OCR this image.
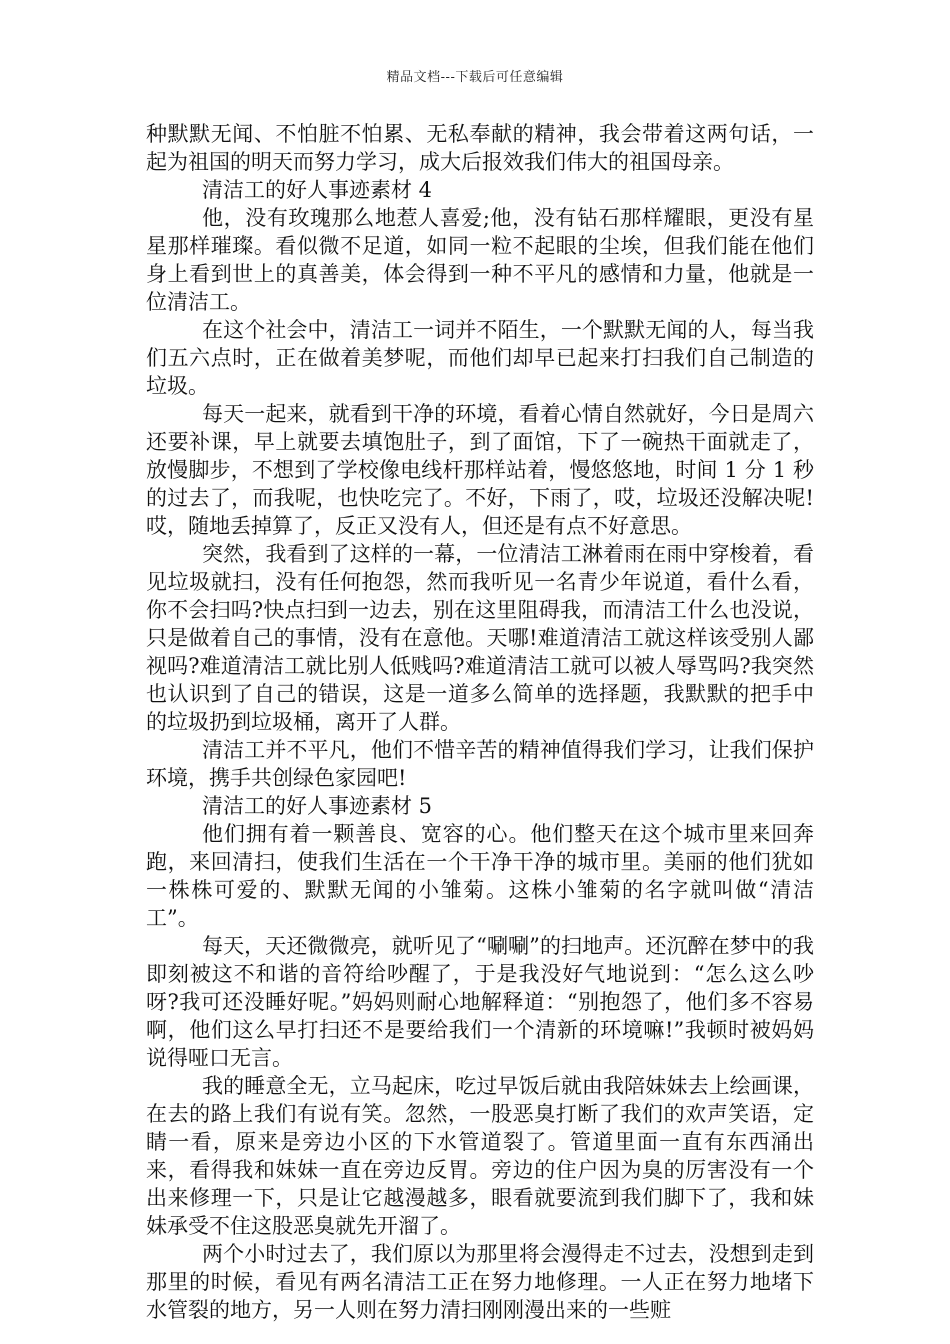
精品文档---下载后可任意编辑

种默默无闻、不怕脏不怕累、无私奉献的精神，我会带着这两句话，一起为祖国的明天而努力学习，成大后报效我们伟大的祖国母亲。

清洁工的好人事迹素材 4

他，没有玫瑰那么地惹人喜爱;他，没有钻石那样耀眼，更没有星星那样璀璨。看似微不足道，如同一粒不起眼的尘埃，但我们能在他们身上看到世上的真善美，体会得到一种不平凡的感情和力量，他就是一位清洁工。

在这个社会中，清洁工一词并不陌生，一个默默无闻的人，每当我们五六点时，正在做着美梦呢，而他们却早已起来打扫我们自己制造的垃圾。

每天一起来，就看到干净的环境，看着心情自然就好，今日是周六还要补课，早上就要去填饱肚子，到了面馆，下了一碗热干面就走了，放慢脚步，不想到了学校像电线杆那样站着，慢悠悠地，时间 1 分 1 秒的过去了，而我呢，也快吃完了。不好，下雨了，哎，垃圾还没解决呢!哎，随地丢掉算了，反正又没有人，但还是有点不好意思。

突然，我看到了这样的一幕，一位清洁工淋着雨在雨中穿梭着，看见垃圾就扫，没有任何抱怨，然而我听见一名青少年说道，看什么看，你不会扫吗?快点扫到一边去，别在这里阻碍我，而清洁工什么也没说，只是做着自己的事情，没有在意他。天哪!难道清洁工就这样该受别人鄙视吗?难道清洁工就比别人低贱吗?难道清洁工就可以被人辱骂吗?我突然也认识到了自己的错误，这是一道多么简单的选择题，我默默的把手中的垃圾扔到垃圾桶，离开了人群。

清洁工并不平凡，他们不惜辛苦的精神值得我们学习，让我们保护环境，携手共创绿色家园吧!

清洁工的好人事迹素材 5

他们拥有着一颗善良、宽容的心。他们整天在这个城市里来回奔跑，来回清扫，使我们生活在一个干净干净的城市里。美丽的他们犹如一株株可爱的、默默无闻的小雏菊。这株小雏菊的名字就叫做“清洁工”。

每天，天还微微亮，就听见了“唰唰”的扫地声。还沉醉在梦中的我即刻被这不和谐的音符给吵醒了，于是我没好气地说到：“怎么这么吵呀?我可还没睡好呢。”妈妈则耐心地解释道：“别抱怨了，他们多不容易啊，他们这么早打扫还不是要给我们一个清新的环境嘛!”我顿时被妈妈说得哑口无言。

我的睡意全无，立马起床，吃过早饭后就由我陪妹妹去上绘画课，在去的路上我们有说有笑。忽然，一股恶臭打断了我们的欢声笑语，定睛一看，原来是旁边小区的下水管道裂了。管道里面一直有东西涌出来，看得我和妹妹一直在旁边反胃。旁边的住户因为臭的厉害没有一个出来修理一下，只是让它越漫越多，眼看就要流到我们脚下了，我和妹妹承受不住这股恶臭就先开溜了。

两个小时过去了，我们原以为那里将会漫得走不过去，没想到走到那里的时候，看见有两名清洁工正在努力地修理。一人正在努力地堵下水管裂的地方，另一人则在努力清扫刚刚漫出来的一些赃
